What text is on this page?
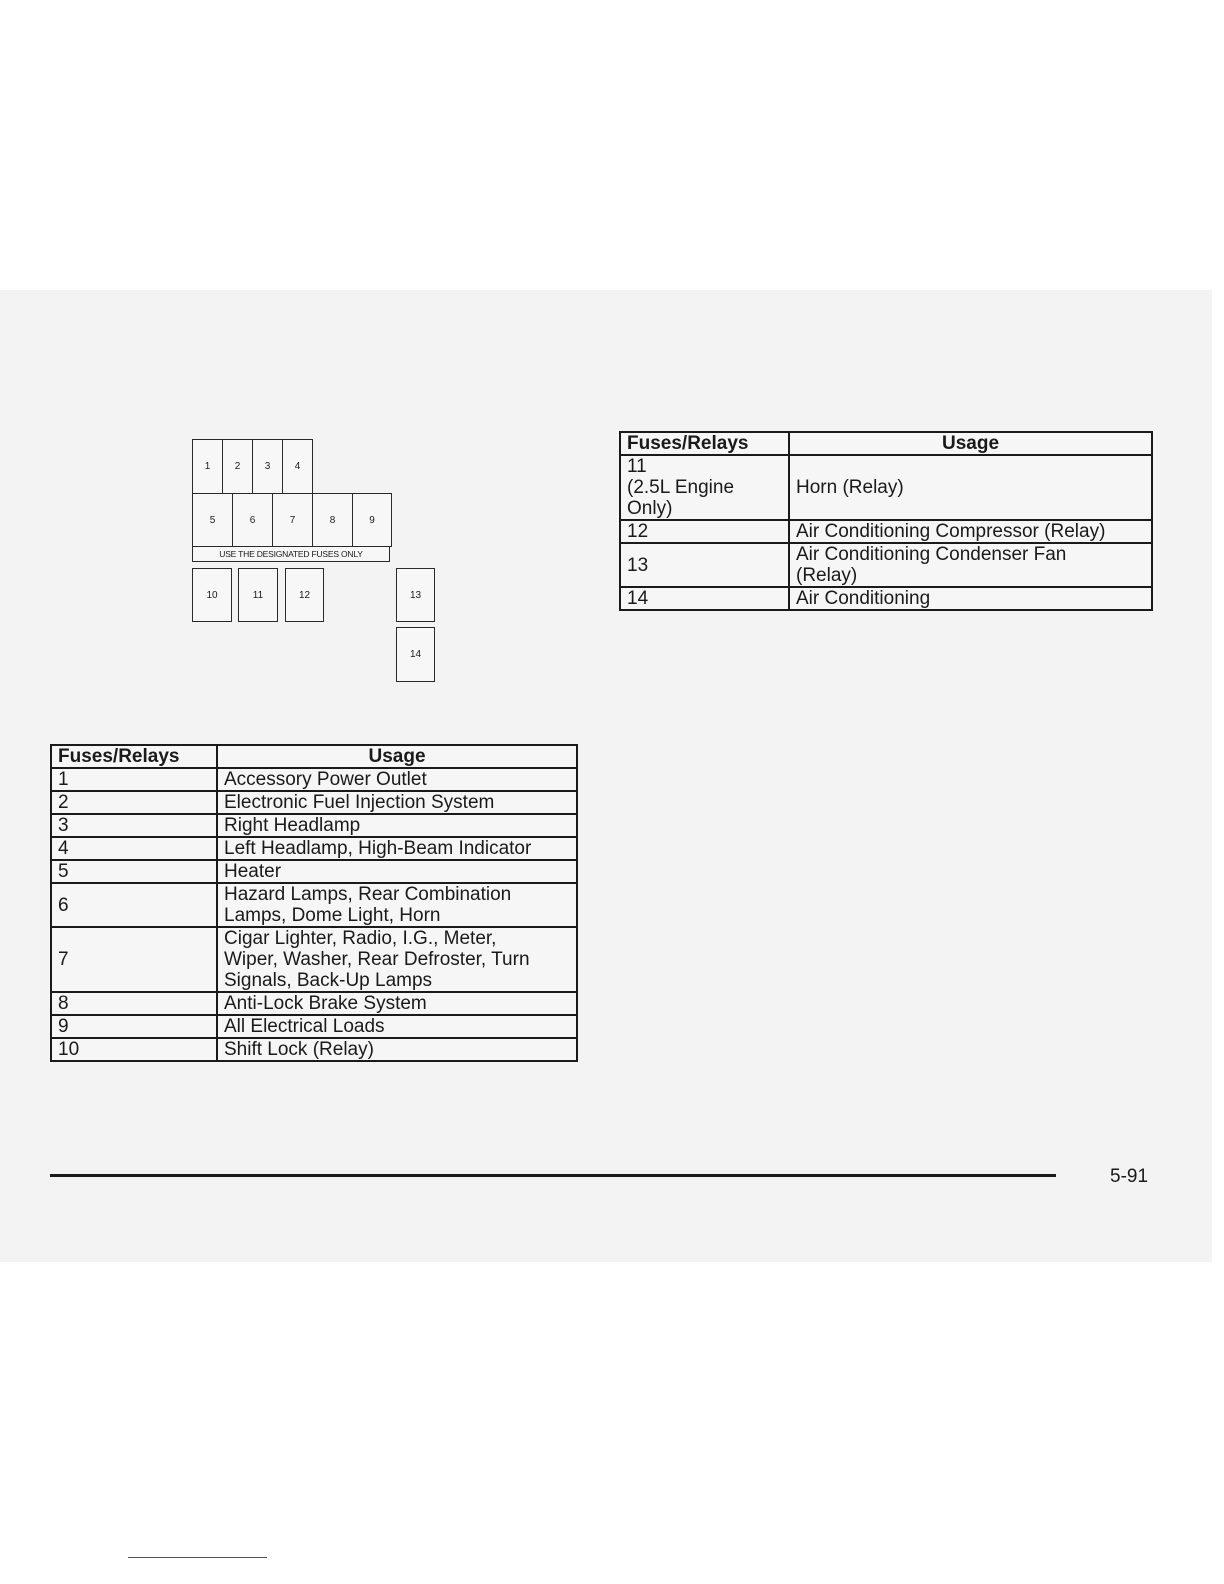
1	2	3	4
5	6	7	8	9
USE THE DESIGNATED FUSES ONLY
10	11	12	13
14
Fuses/Relays	Usage
1	Accessory Power Outlet

2	Electronic Fuel Injection System

3	Right Headlamp

4	Left Headlamp, High-Beam Indicator

5	Heater

6	Hazard Lamps, Rear Combination
Lamps, Dome Light, Horn

7	Cigar Lighter, Radio, I.G., Meter,
Wiper, Washer, Rear Defroster, Turn
Signals, Back-Up Lamps

8	Anti-Lock Brake System

9	All Electrical Loads

10	Shift Lock (Relay)
Fuses/Relays	Usage

11
(2.5L Engine
Only)	Horn (Relay)

12	Air Conditioning Compressor (Relay)

13	Air Conditioning Condenser Fan
(Relay)

14	Air Conditioning
5-91
